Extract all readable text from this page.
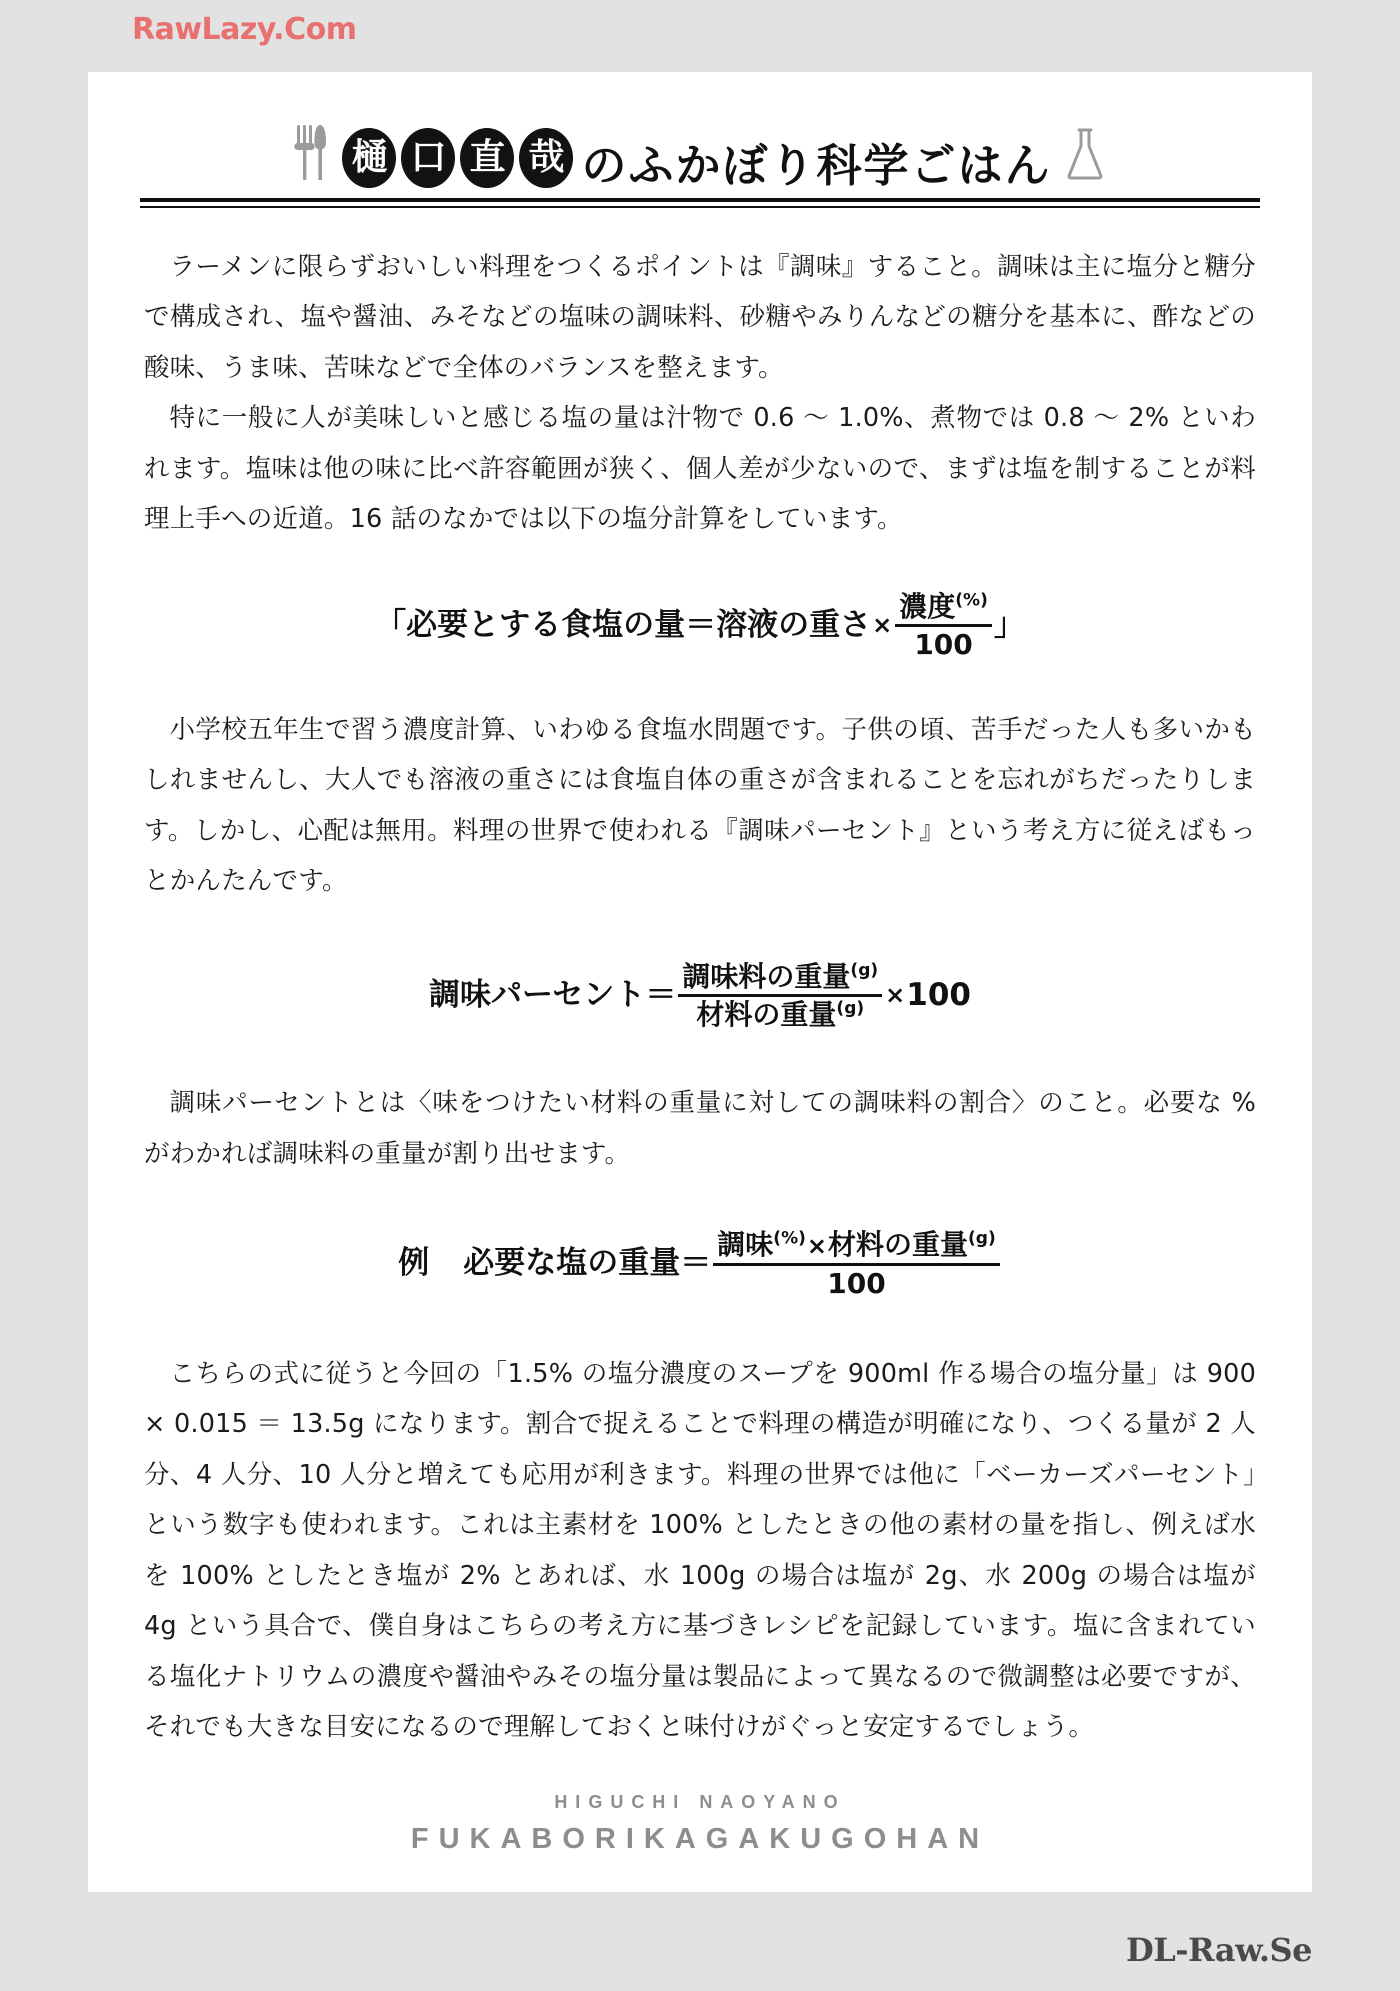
RawLazy.Com
樋 口 直 哉 のふかぼり科学ごはん

ラーメンに限らずおいしい料理をつくるポイントは『調味』すること。調味は主に塩分と糖分で構成され、塩や醤油、みそなどの塩味の調味料、砂糖やみりんなどの糖分を基本に、酢などの酸味、うま味、苦味などで全体のバランスを整えます。

特に一般に人が美味しいと感じる塩の量は汁物で 0.6 〜 1.0%、煮物では 0.8 〜 2% といわれます。塩味は他の味に比べ許容範囲が狭く、個人差が少ないので、まずは塩を制することが料理上手への近道。16 話のなかでは以下の塩分計算をしています。

「 必要とする食塩の量＝溶液の重さ × $\frac{濃度^{(\%)}}{100}$ 」

小学校五年生で習う濃度計算、いわゆる食塩水問題です。子供の頃、苦手だった人も多いかもしれませんし、大人でも溶液の重さには食塩自体の重さが含まれることを忘れがちだったりします。しかし、心配は無用。料理の世界で使われる『調味パーセント』という考え方に従えばもっとかんたんです。

調味パーセント＝ $\frac{調味料の重量^{(g)}}{材料の重量^{(g)}} \times 100$

調味パーセントとは〈味をつけたい材料の重量に対しての調味料の割合〉のこと。必要な % がわかれば調味料の重量が割り出せます。

例 必要な塩の重量＝ $\frac{調味^{(\%)}\times 材料の重量^{(g)}}{100}$

こちらの式に従うと今回の「1.5% の塩分濃度のスープを 900ml 作る場合の塩分量」は 900 × 0.015 ＝ 13.5g になります。割合で捉えることで料理の構造が明確になり、つくる量が 2 人分、4 人分、10 人分と増えても応用が利きます。料理の世界では他に「ベーカーズパーセント」という数字も使われます。これは主素材を 100% としたときの他の素材の量を指し、例えば水を 100% としたとき塩が 2% とあれば、水 100g の場合は塩が 2g、水 200g の場合は塩が 4g という具合で、僕自身はこちらの考え方に基づきレシピを記録しています。塩に含まれている塩化ナトリウムの濃度や醤油やみその塩分量は製品によって異なるので微調整は必要ですが、それでも大きな目安になるので理解しておくと味付けがぐっと安定するでしょう。

HIGUCHI NAOYANO
FUKABORIKAGAKUGOHAN
DL-Raw.Se
